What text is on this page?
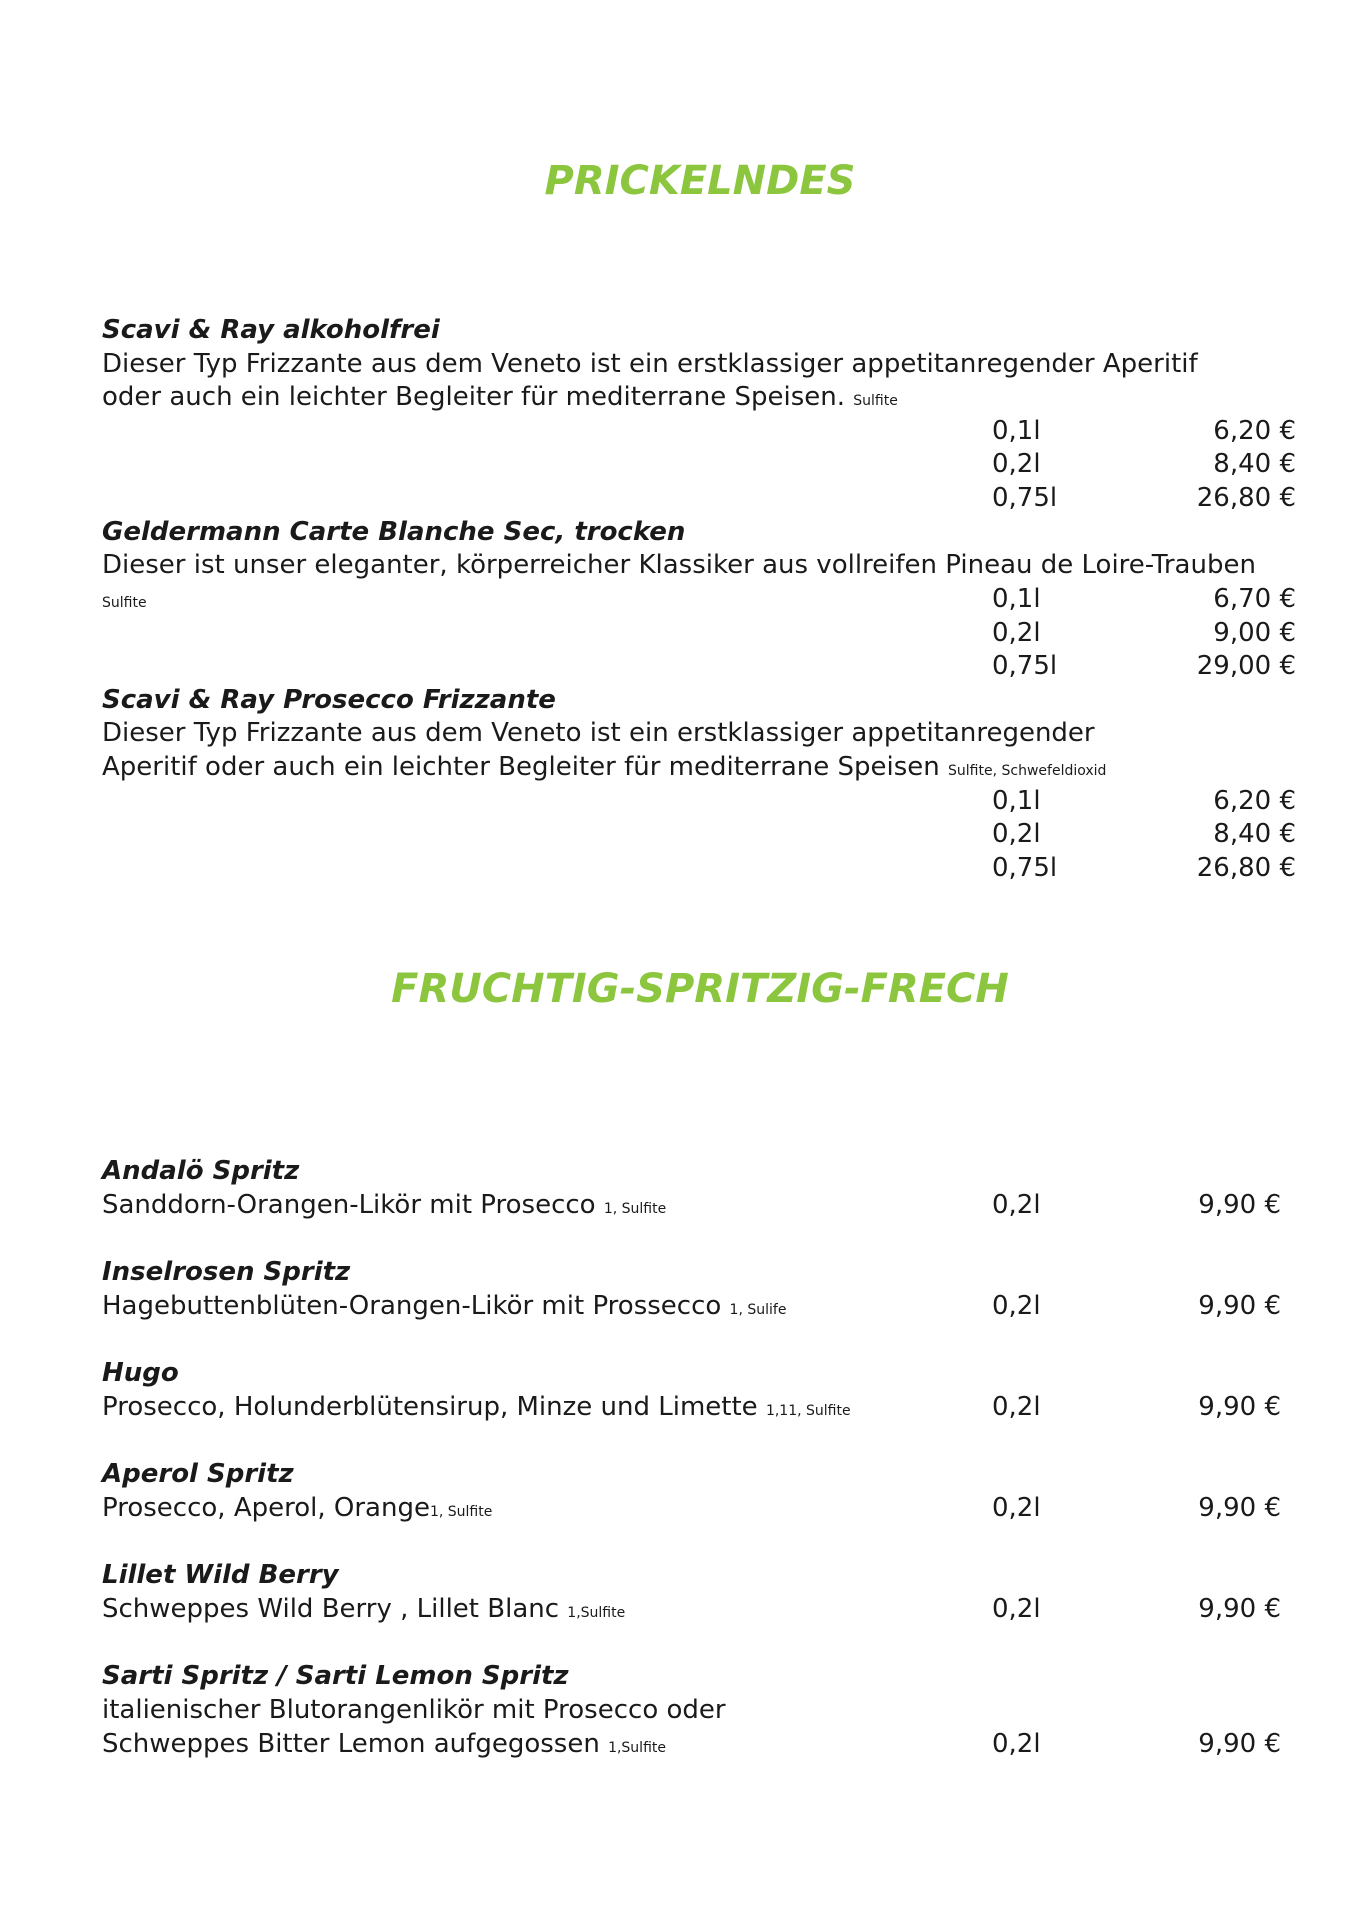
PRICKELNDES
Scavi & Ray alkoholfrei
Dieser Typ Frizzante aus dem Veneto ist ein erstklassiger appetitanregender Aperitif
oder auch ein leichter Begleiter für mediterrane Speisen. Sulfite
0,1l	6,20 €
0,2l	8,40 €
0,75l	26,80 €
Geldermann Carte Blanche Sec, trocken
Dieser ist unser eleganter, körperreicher Klassiker aus vollreifen Pineau de Loire-Trauben
Sulfite	0,1l	6,70 €
0,2l	9,00 €
0,75l	29,00 €
Scavi & Ray Prosecco Frizzante
Dieser Typ Frizzante aus dem Veneto ist ein erstklassiger appetitanregender
Aperitif oder auch ein leichter Begleiter für mediterrane Speisen Sulfite, Schwefeldioxid
0,1l	6,20 €
0,2l	8,40 €
0,75l	26,80 €
FRUCHTIG-SPRITZIG-FRECH
Andalö Spritz
Sanddorn-Orangen-Likör mit Prosecco 1, Sulfite	0,2l	9,90 €
Inselrosen Spritz
Hagebuttenblüten-Orangen-Likör mit Prossecco 1, Sulife	0,2l	9,90 €
Hugo
Prosecco, Holunderblütensirup, Minze und Limette 1,11, Sulfite	0,2l	9,90 €
Aperol Spritz
Prosecco, Aperol, Orange1, Sulfite	0,2l	9,90 €
Lillet Wild Berry
Schweppes Wild Berry , Lillet Blanc 1,Sulfite	0,2l	9,90 €
Sarti Spritz / Sarti Lemon Spritz
italienischer Blutorangenlikör mit Prosecco oder
Schweppes Bitter Lemon aufgegossen 1,Sulfite	0,2l	9,90 €
